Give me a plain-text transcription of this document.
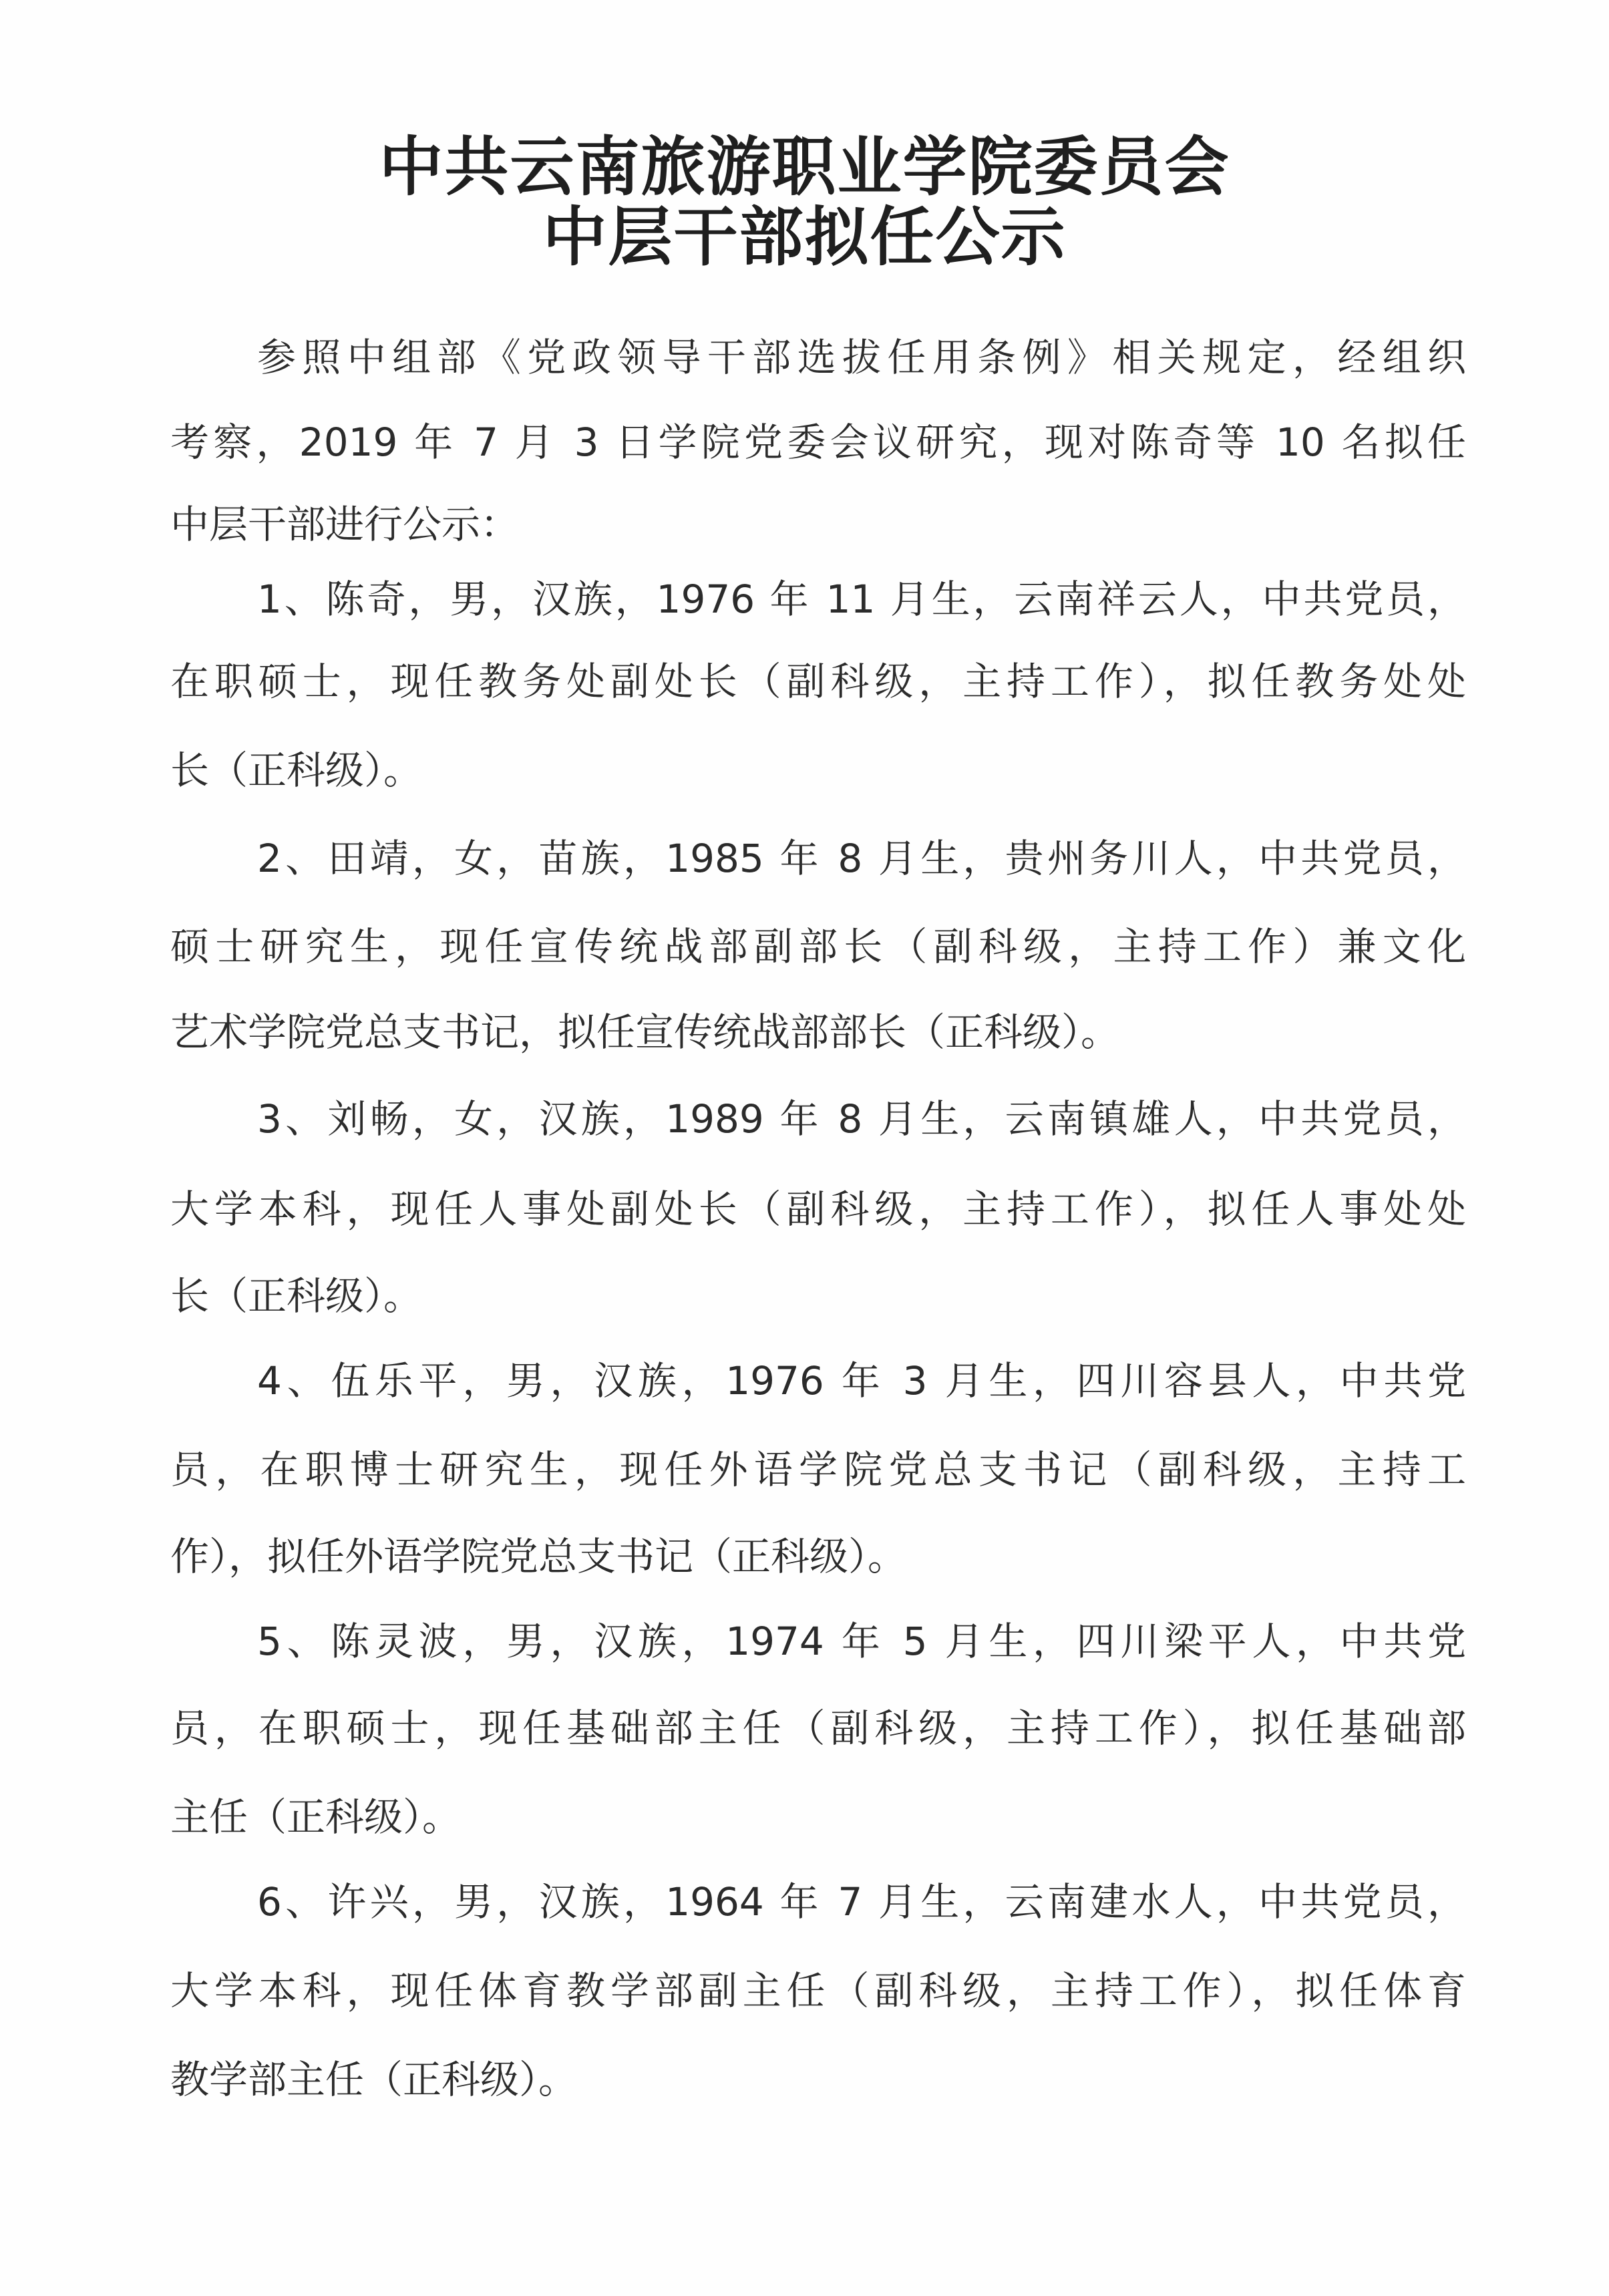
中共云南旅游职业学院委员会
中层干部拟任公示
参照中组部《党政领导干部选拔任用条例》相关规定，经组织
考察，2019 年 7 月 3 日学院党委会议研究，现对陈奇等 10 名拟任
中层干部进行公示：
1、陈奇，男，汉族，1976 年 11 月生，云南祥云人，中共党员，
在职硕士，现任教务处副处长（副科级，主持工作），拟任教务处处
长（正科级）。
2、田靖，女，苗族，1985 年 8 月生，贵州务川人，中共党员，
硕士研究生，现任宣传统战部副部长（副科级，主持工作）兼文化
艺术学院党总支书记，拟任宣传统战部部长（正科级）。
3、刘畅，女，汉族，1989 年 8 月生，云南镇雄人，中共党员，
大学本科，现任人事处副处长（副科级，主持工作），拟任人事处处
长（正科级）。
4、伍乐平，男，汉族，1976 年 3 月生，四川容县人，中共党
员，在职博士研究生，现任外语学院党总支书记（副科级，主持工
作），拟任外语学院党总支书记（正科级）。
5、陈灵波，男，汉族，1974 年 5 月生，四川梁平人，中共党
员，在职硕士，现任基础部主任（副科级，主持工作），拟任基础部
主任（正科级）。
6、许兴，男，汉族，1964 年 7 月生，云南建水人，中共党员，
大学本科，现任体育教学部副主任（副科级，主持工作），拟任体育
教学部主任（正科级）。
